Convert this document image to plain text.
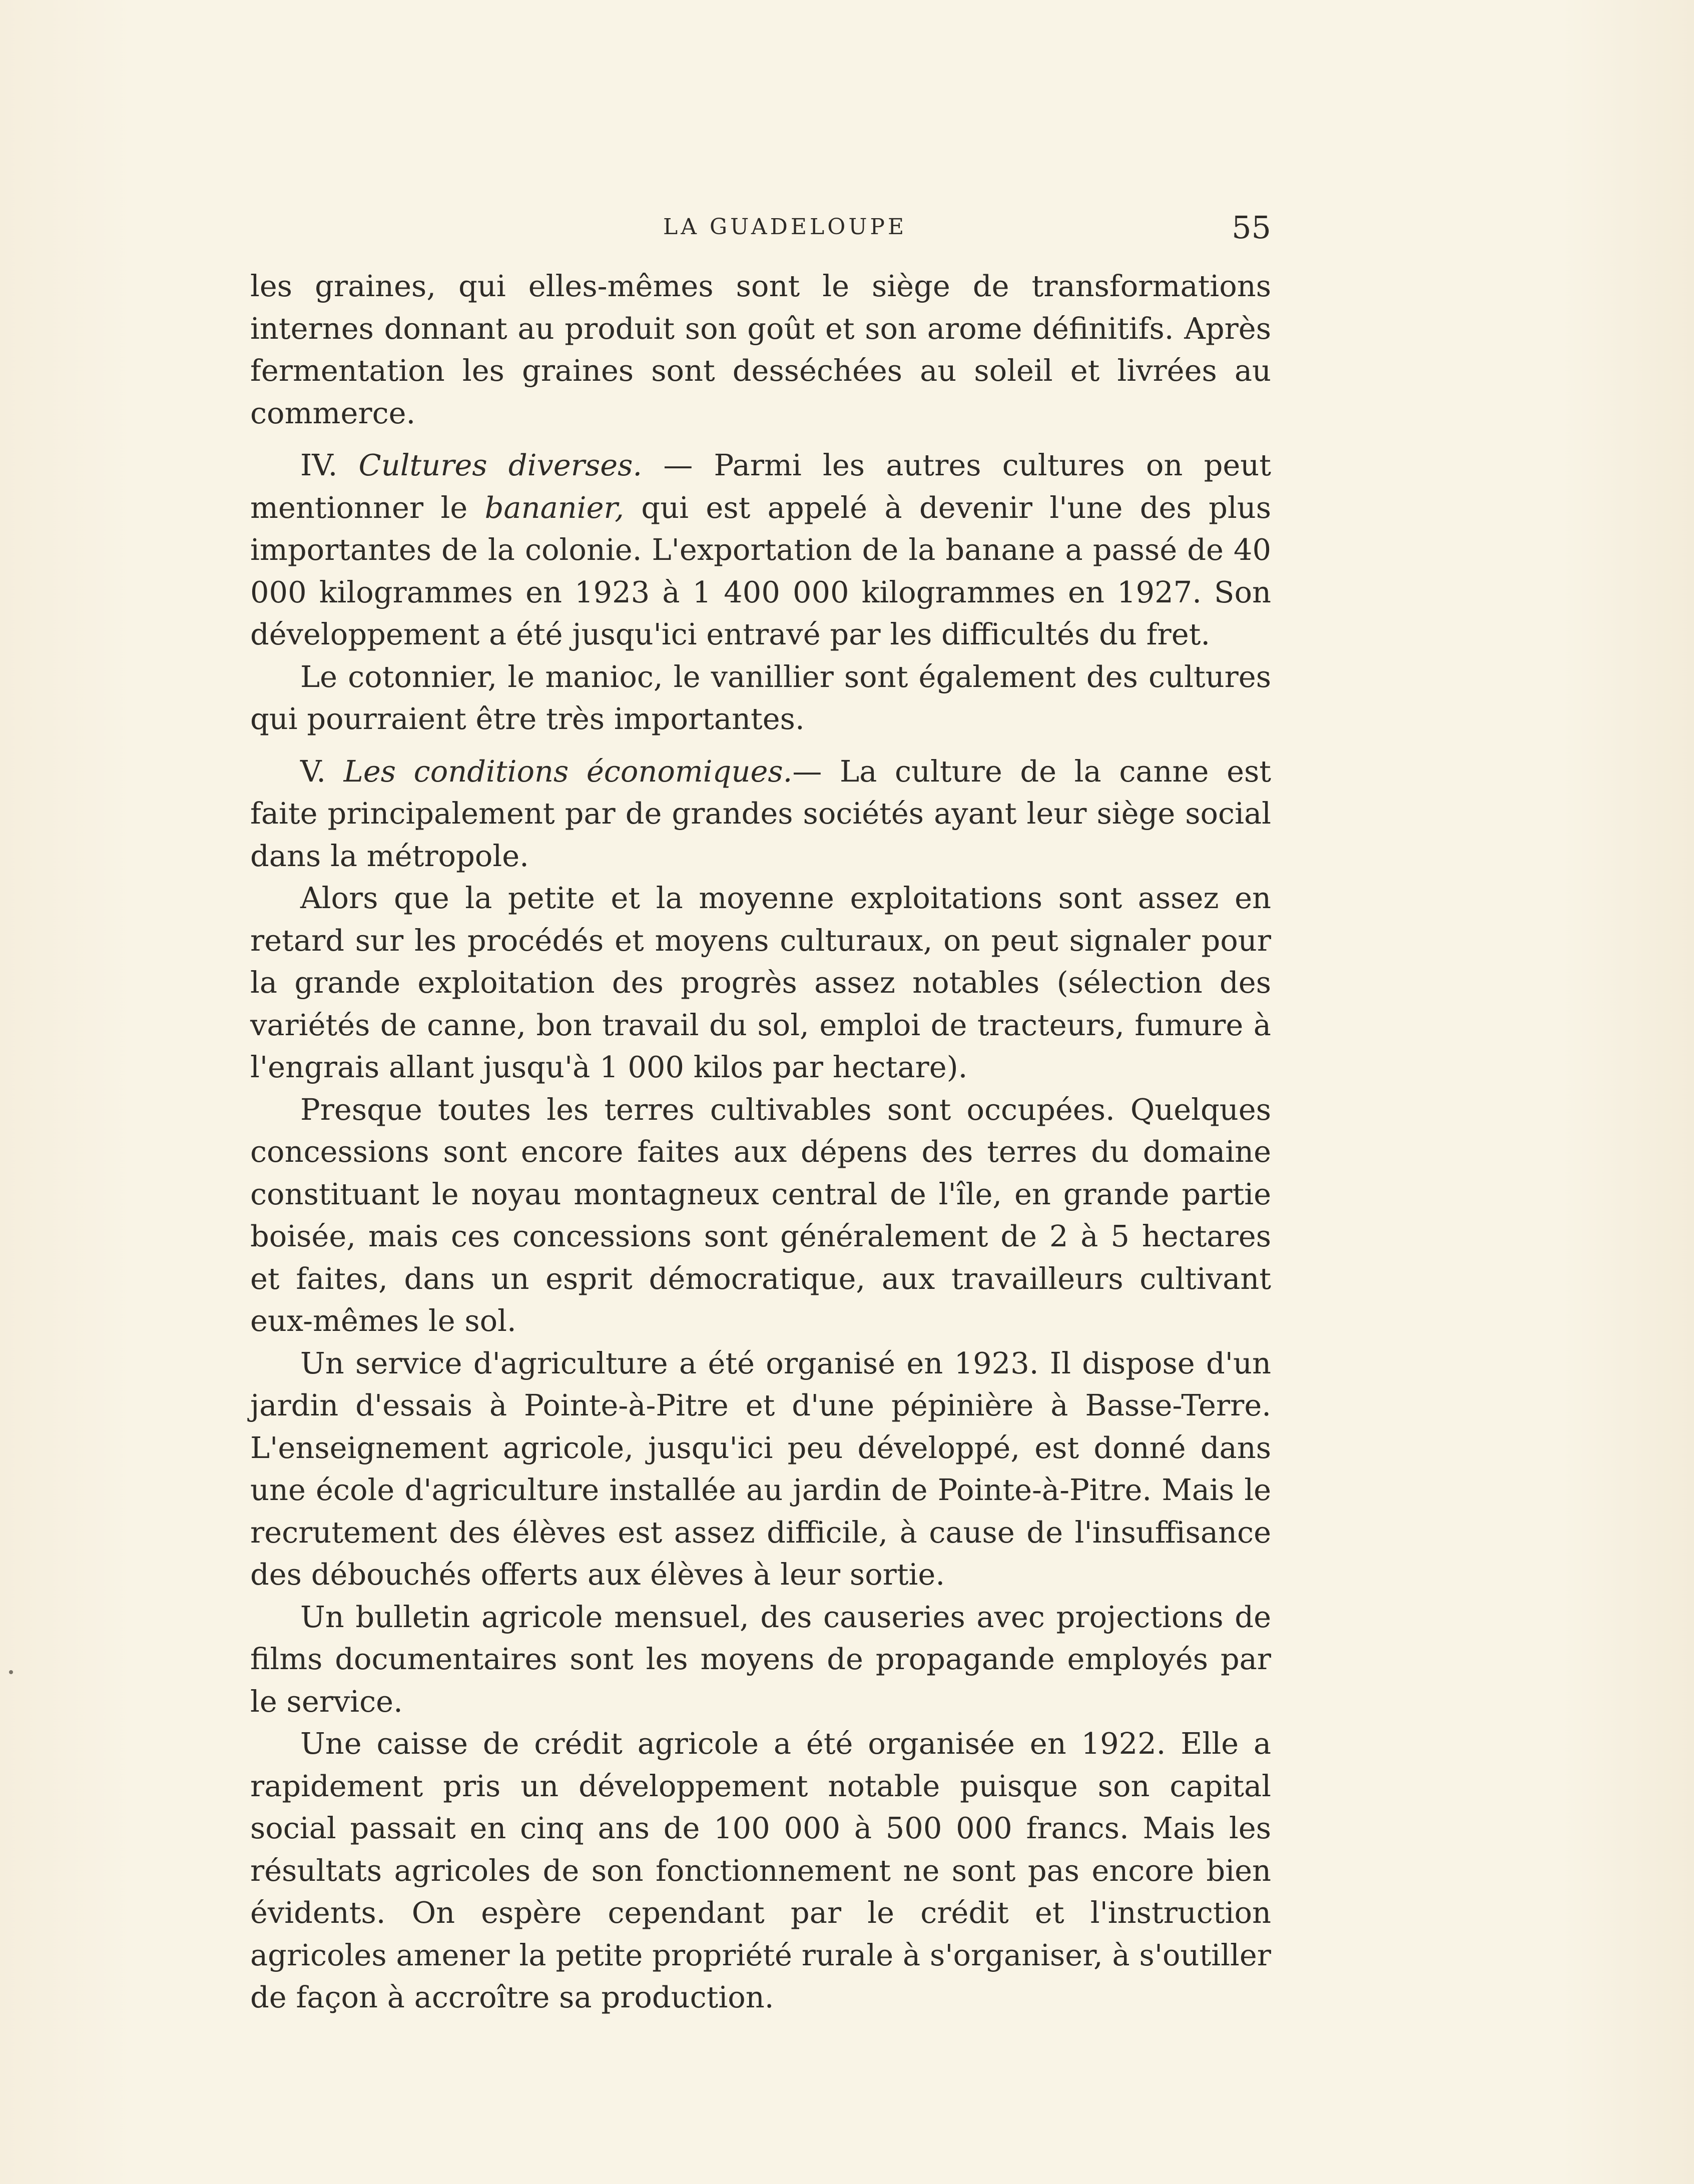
LA GUADELOUPE	55

les graines, qui elles-mêmes sont le siège de transformations internes donnant au produit son goût et son arome définitifs. Après fermentation les graines sont desséchées au soleil et livrées au commerce.

IV. Cultures diverses. — Parmi les autres cultures on peut mentionner le bananier, qui est appelé à devenir l'une des plus importantes de la colonie. L'exportation de la banane a passé de 40 000 kilogrammes en 1923 à 1 400 000 kilogrammes en 1927. Son développement a été jusqu'ici entravé par les difficultés du fret.

Le cotonnier, le manioc, le vanillier sont également des cultures qui pourraient être très importantes.

V. Les conditions économiques.— La culture de la canne est faite principalement par de grandes sociétés ayant leur siège social dans la métropole.

Alors que la petite et la moyenne exploitations sont assez en retard sur les procédés et moyens culturaux, on peut signaler pour la grande exploitation des progrès assez notables (sélection des variétés de canne, bon travail du sol, emploi de tracteurs, fumure à l'engrais allant jusqu'à 1 000 kilos par hectare).

Presque toutes les terres cultivables sont occupées. Quelques concessions sont encore faites aux dépens des terres du domaine constituant le noyau montagneux central de l'île, en grande partie boisée, mais ces concessions sont généralement de 2 à 5 hectares et faites, dans un esprit démocratique, aux travailleurs cultivant eux-mêmes le sol.

Un service d'agriculture a été organisé en 1923. Il dispose d'un jardin d'essais à Pointe-à-Pitre et d'une pépinière à Basse-Terre. L'enseignement agricole, jusqu'ici peu développé, est donné dans une école d'agriculture installée au jardin de Pointe-à-Pitre. Mais le recrutement des élèves est assez difficile, à cause de l'insuffisance des débouchés offerts aux élèves à leur sortie.

Un bulletin agricole mensuel, des causeries avec projections de films documentaires sont les moyens de propagande employés par le service.

Une caisse de crédit agricole a été organisée en 1922. Elle a rapidement pris un développement notable puisque son capital social passait en cinq ans de 100 000 à 500 000 francs. Mais les résultats agricoles de son fonctionnement ne sont pas encore bien évidents. On espère cependant par le crédit et l'instruction agricoles amener la petite propriété rurale à s'organiser, à s'outiller de façon à accroître sa production.
